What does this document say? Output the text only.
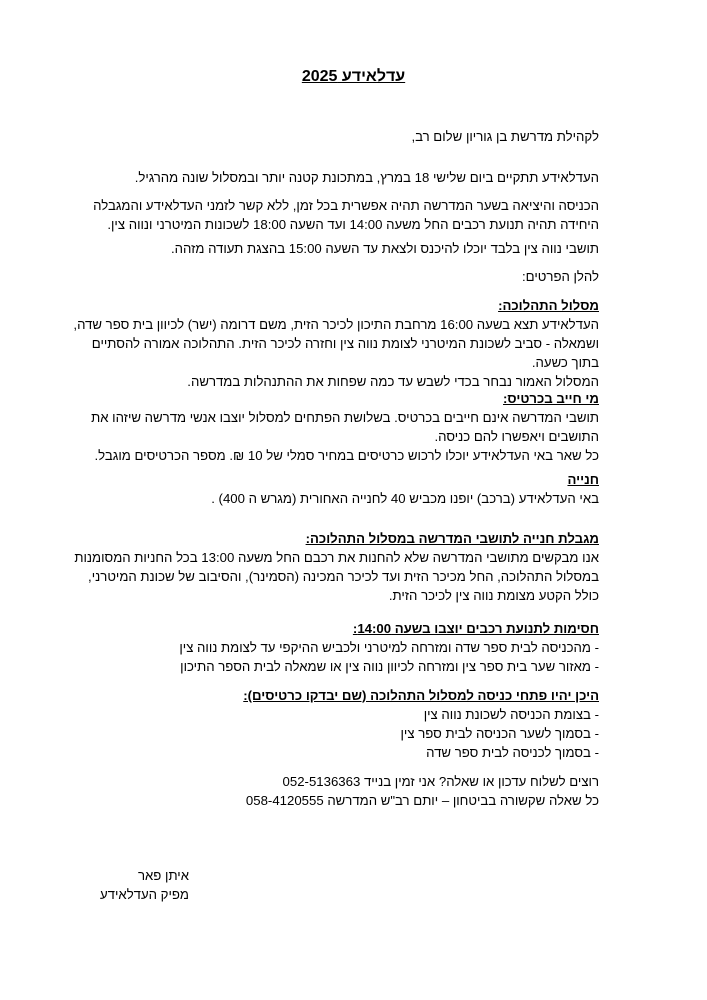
עדלאידע 2025

לקהילת מדרשת בן גוריון שלום רב,

העדלאידע תתקיים ביום שלישי 18 במרץ, במתכונת קטנה יותר ובמסלול שונה מהרגיל.

הכניסה והיציאה בשער המדרשה תהיה אפשרית בכל זמן, ללא קשר לזמני העדלאידע והמגבלה

היחידה תהיה תנועת רכבים החל משעה 14:00 ועד השעה 18:00 לשכונות המיטרני ונווה צין.

תושבי נווה צין בלבד יוכלו להיכנס ולצאת עד השעה 15:00 בהצגת תעודה מזהה.

להלן הפרטים:

מסלול התהלוכה:

העדלאידע תצא בשעה 16:00 מרחבת התיכון לכיכר הזית, משם דרומה (ישר) לכיוון בית ספר שדה,

ושמאלה - סביב לשכונת המיטרני לצומת נווה צין וחזרה לכיכר הזית. התהלוכה אמורה להסתיים

בתוך כשעה.

המסלול האמור נבחר בכדי לשבש עד כמה שפחות את ההתנהלות במדרשה.

מי חייב בכרטיס:

תושבי המדרשה אינם חייבים בכרטיס. בשלושת הפתחים למסלול יוצבו אנשי מדרשה שיזהו את

התושבים ויאפשרו להם כניסה.

כל שאר באי העדלאידע יוכלו לרכוש כרטיסים במחיר סמלי של 10 ₪. מספר הכרטיסים מוגבל.

חנייה

באי העדלאידע (ברכב) יופנו מכביש 40 לחנייה האחורית (מגרש ה 400) .

מגבלת חנייה לתושבי המדרשה במסלול התהלוכה:

אנו מבקשים מתושבי המדרשה שלא להחנות את רכבם החל משעה 13:00 בכל החניות המסומנות

במסלול התהלוכה, החל מכיכר הזית ועד לכיכר המכינה (הסמינר), והסיבוב של שכונת המיטרני,

כולל הקטע מצומת נווה צין לכיכר הזית.

חסימות לתנועת רכבים יוצבו בשעה 14:00:

- מהכניסה לבית ספר שדה ומזרחה למיטרני ולכביש ההיקפי עד לצומת נווה צין

- מאזור שער בית ספר צין ומזרחה לכיוון נווה צין או שמאלה לבית הספר התיכון

היכן יהיו פתחי כניסה למסלול התהלוכה (שם יבדקו כרטיסים):

- בצומת הכניסה לשכונת נווה צין

- בסמוך לשער הכניסה לבית ספר צין

- בסמוך לכניסה לבית ספר שדה

רוצים לשלוח עדכון או שאלה? אני זמין בנייד 052-5136363

כל שאלה שקשורה בביטחון – יותם רב"ש המדרשה 058-4120555

איתן פאר
מפיק העדלאידע
